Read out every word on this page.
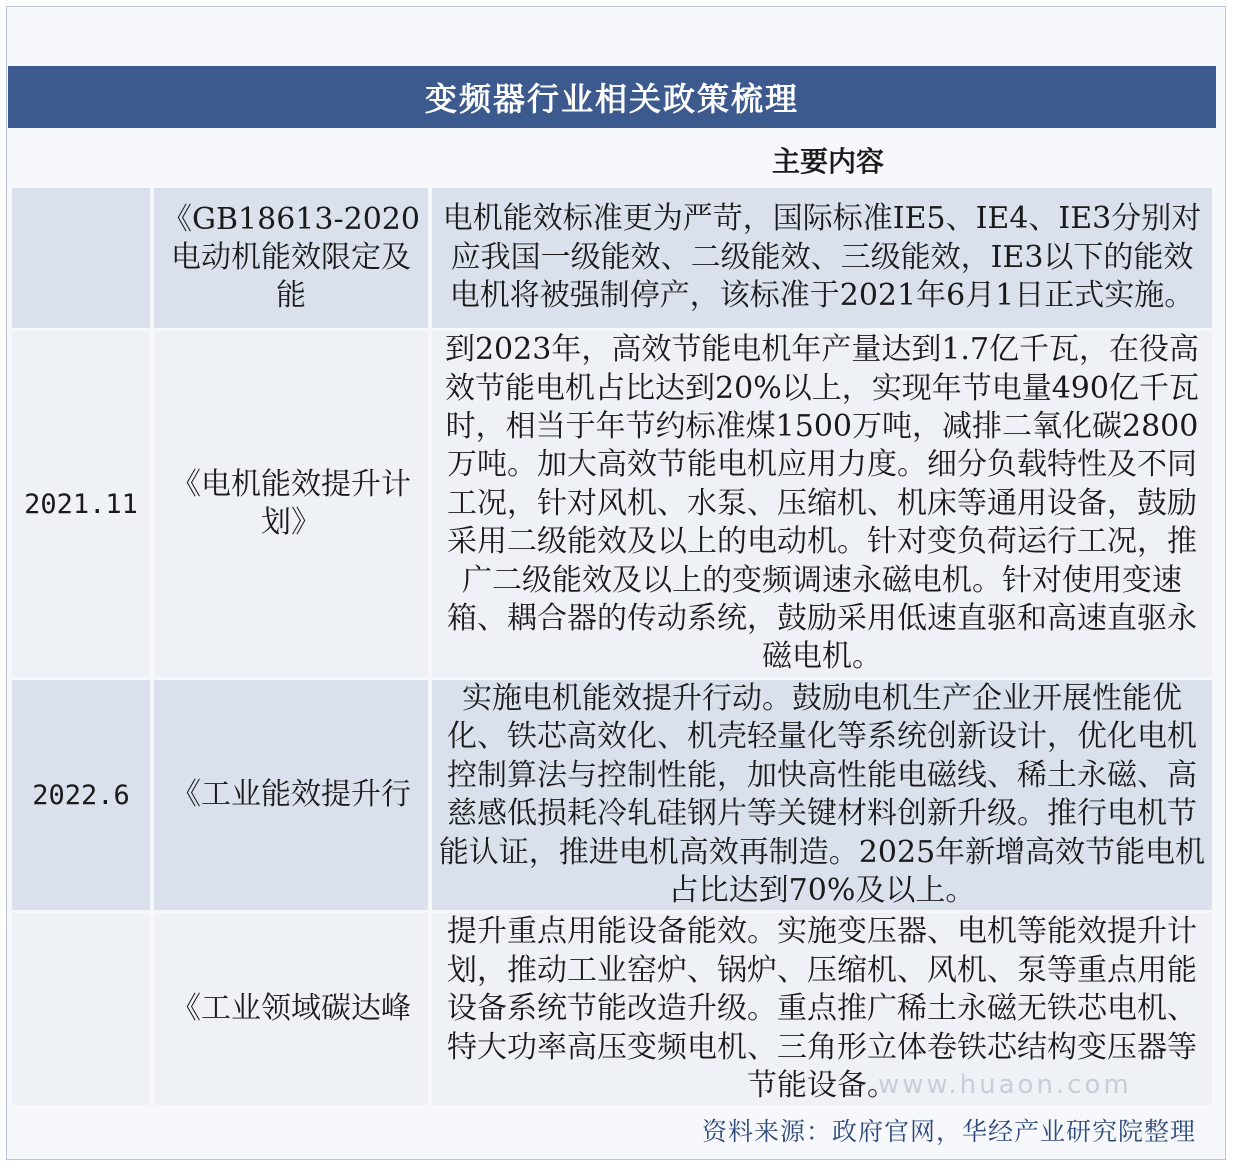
变频器行业相关政策梳理
主要内容
	《GB18613-2020电动机能效限定及能	电机能效标准更为严苛，国际标准IE5、IE4、IE3分别对应我国一级能效、二级能效、三级能效，IE3以下的能效电机将被强制停产，该标准于2021年6月1日正式实施。

2021.11	《电机能效提升计划》	到2023年，高效节能电机年产量达到1.7亿千瓦，在役高效节能电机占比达到20%以上，实现年节电量490亿千瓦时，相当于年节约标准煤1500万吨，减排二氧化碳2800万吨。加大高效节能电机应用力度。细分负载特性及不同工况，针对风机、水泵、压缩机、机床等通用设备，鼓励采用二级能效及以上的电动机。针对变负荷运行工况，推广二级能效及以上的变频调速永磁电机。针对使用变速箱、耦合器的传动系统，鼓励采用低速直驱和高速直驱永磁电机。

2022.6	《工业能效提升行	实施电机能效提升行动。鼓励电机生产企业开展性能优化、铁芯高效化、机壳轻量化等系统创新设计，优化电机控制算法与控制性能，加快高性能电磁线、稀土永磁、高慈感低损耗冷轧硅钢片等关键材料创新升级。推行电机节能认证，推进电机高效再制造。2025年新增高效节能电机占比达到70%及以上。

	《工业领域碳达峰	提升重点用能设备能效。实施变压器、电机等能效提升计划，推动工业窑炉、锅炉、压缩机、风机、泵等重点用能设备系统节能改造升级。重点推广稀土永磁无铁芯电机、特大功率高压变频电机、三角形立体卷铁芯结构变压器等节能设备。
www.huaon.com
资料来源：政府官网，华经产业研究院整理
